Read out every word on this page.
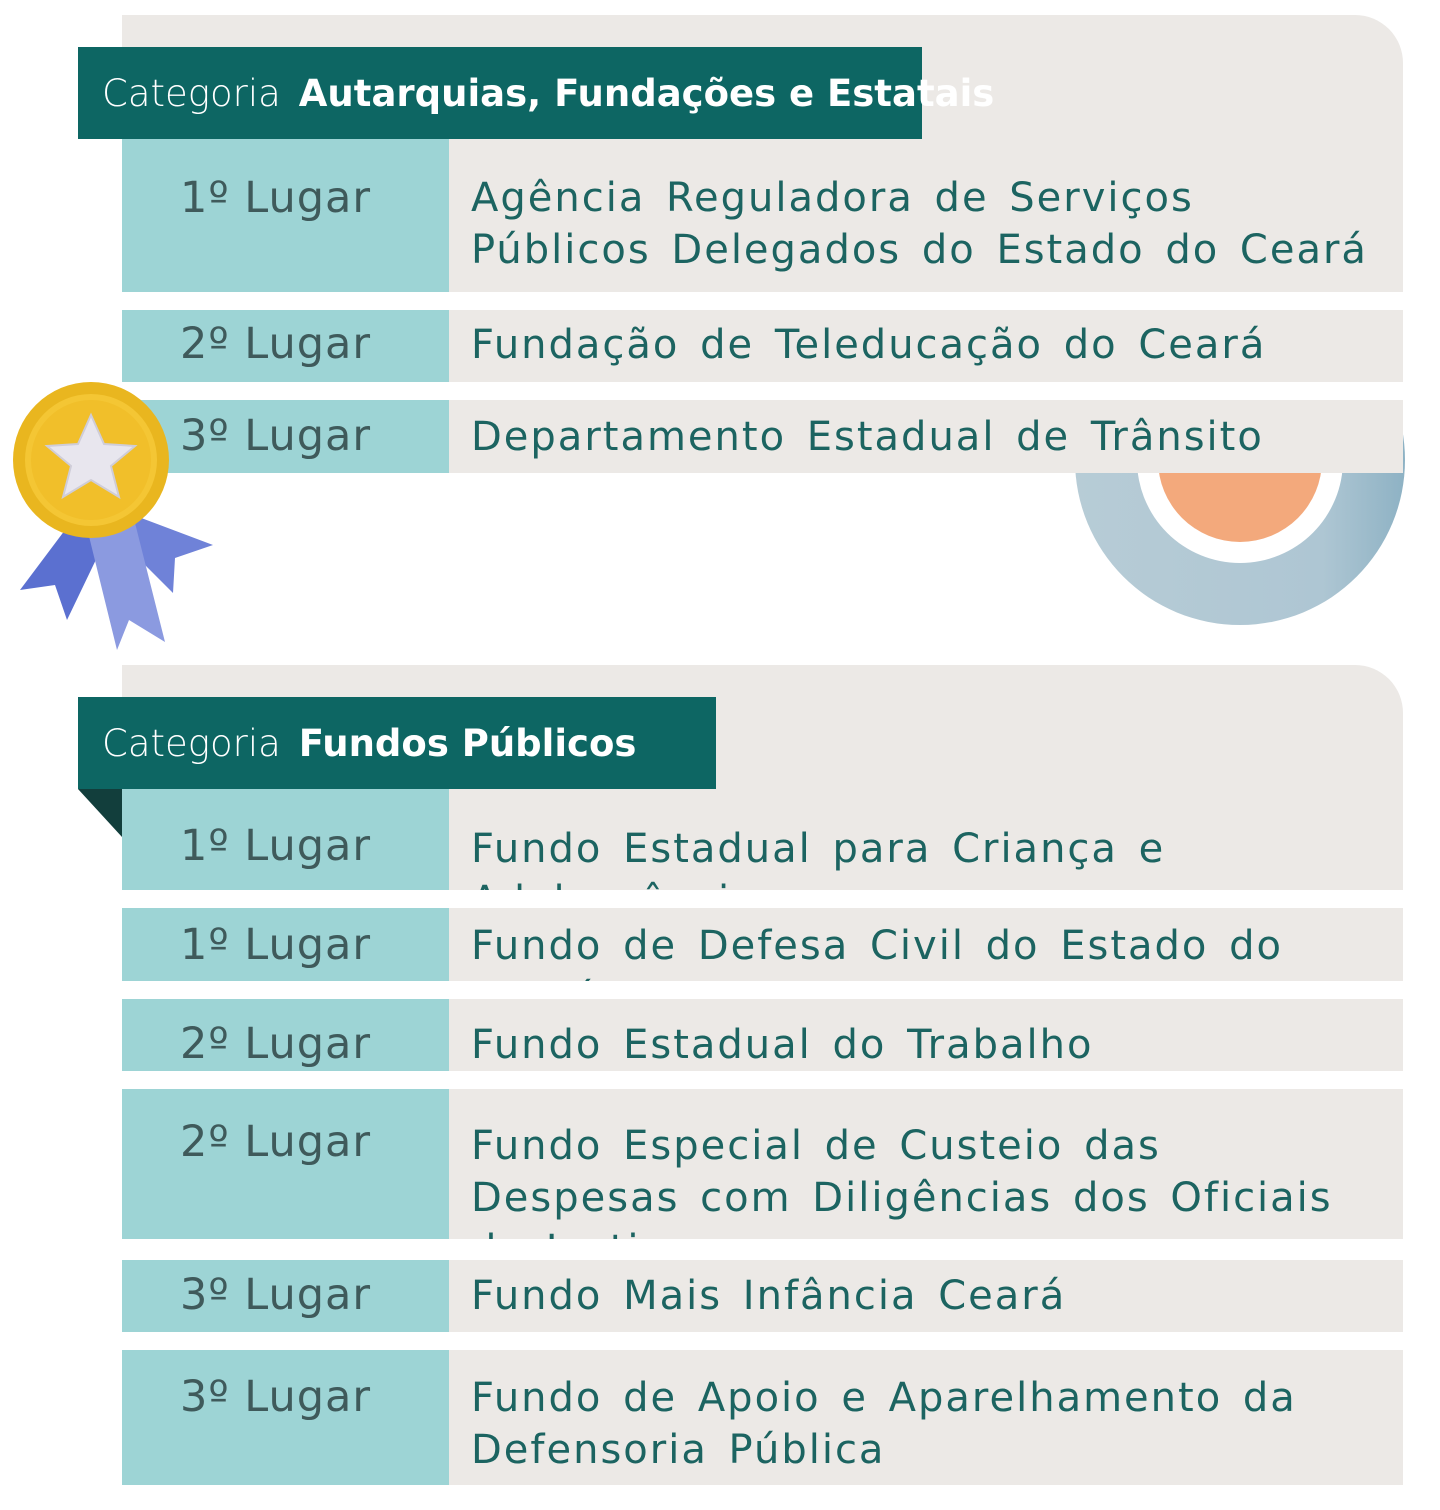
Categoria Autarquias, Fundações e Estatais
1º Lugar	Agência Reguladora de Serviços Públicos Delegados do Estado do Ceará
2º Lugar	Fundação de Teleducação do Ceará
3º Lugar	Departamento Estadual de Trânsito
Categoria Fundos Públicos
1º Lugar	Fundo Estadual para Criança e
1º Lugar	Fundo de Defesa Civil do Estado do
2º Lugar	Fundo Estadual do Trabalho
2º Lugar	Fundo Especial de Custeio das Despesas com Diligências dos Oficiais
3º Lugar	Fundo Mais Infância Ceará
3º Lugar	Fundo de Apoio e Aparelhamento da Defensoria Pública
